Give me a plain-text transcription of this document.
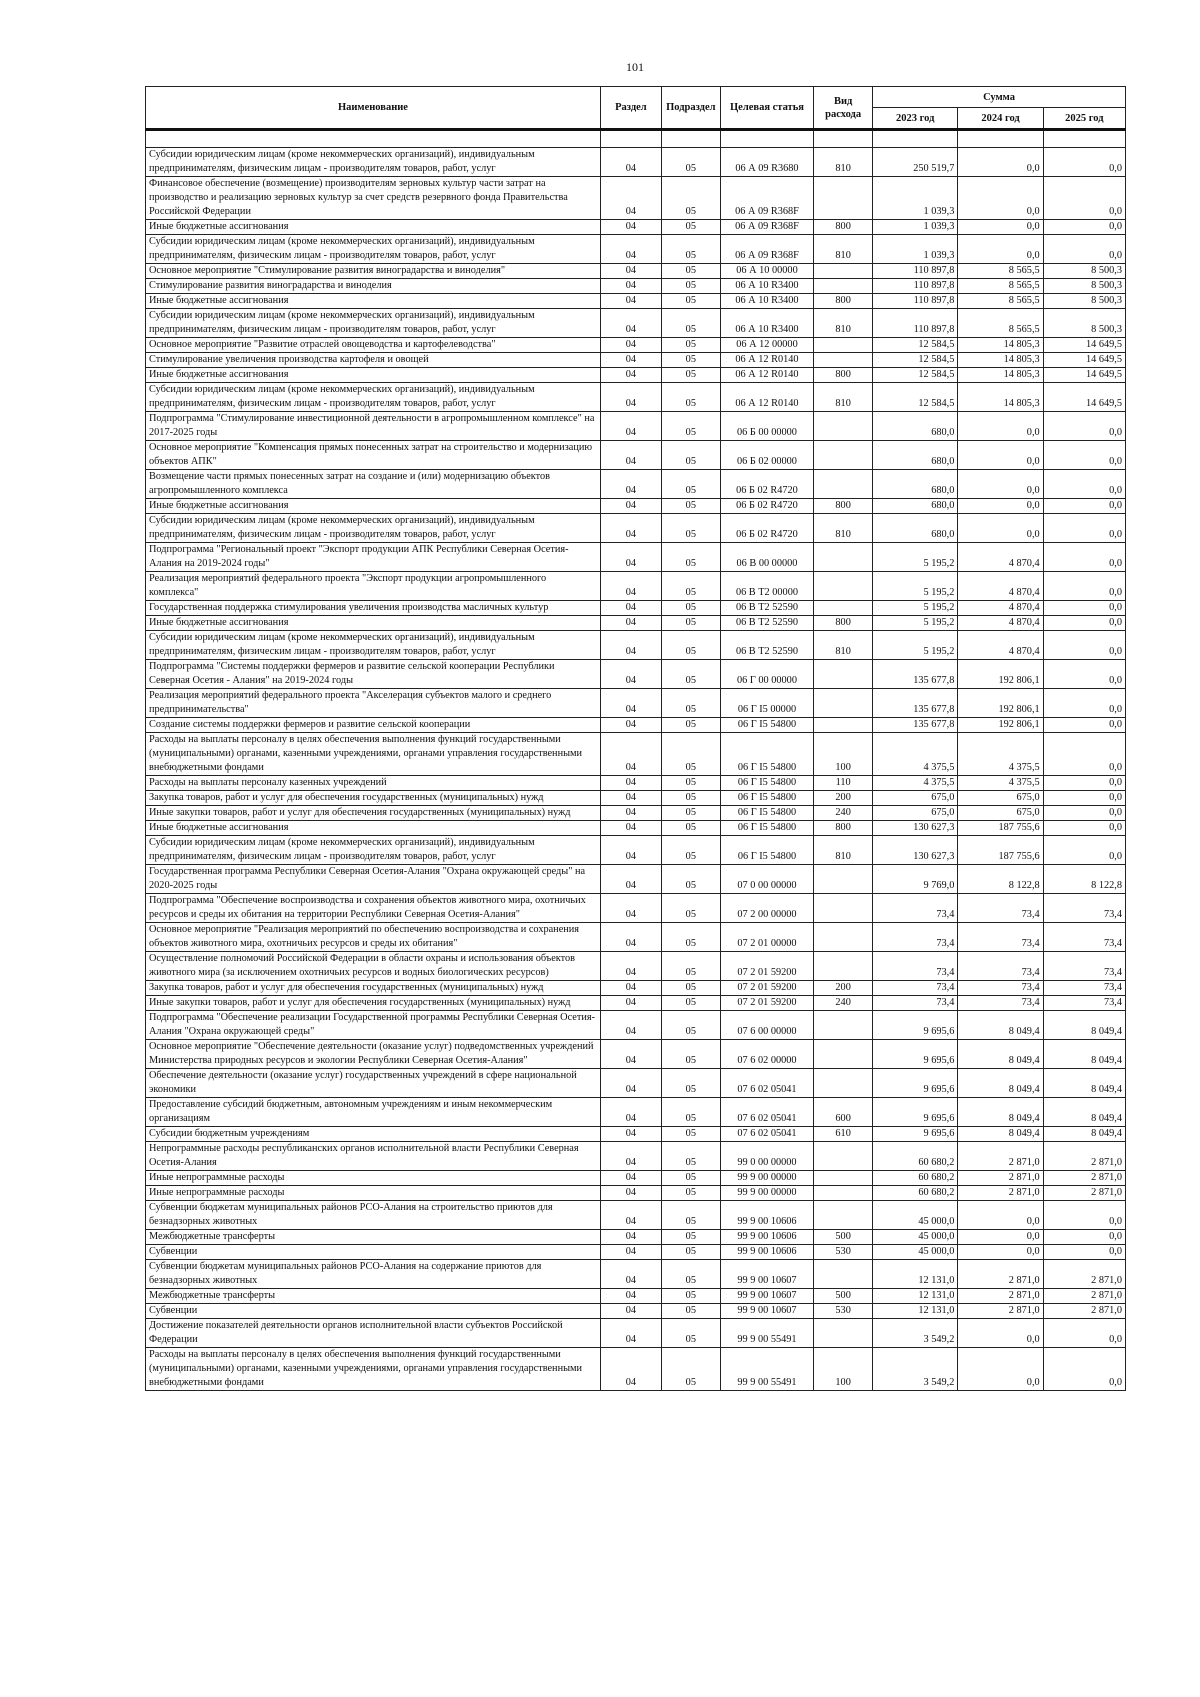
101
Наименование	Раздел	Подраздел	Целевая статья	Вид расхода	Сумма		
					2023 год	2024 год	2025 год

Субсидии юридическим лицам (кроме некоммерческих организаций), индивидуальным предпринимателям, физическим лицам - производителям товаров, работ, услуг	04	05	06 А 09 R3680	810	250 519,7	0,0	0,0
Финансовое обеспечение (возмещение) производителям зерновых культур части затрат на производство и реализацию зерновых культур за счет средств резервного фонда Правительства Российской Федерации	04	05	06 А 09 R368F		1 039,3	0,0	0,0
Иные бюджетные ассигнования	04	05	06 А 09 R368F	800	1 039,3	0,0	0,0
Субсидии юридическим лицам (кроме некоммерческих организаций), индивидуальным предпринимателям, физическим лицам - производителям товаров, работ, услуг	04	05	06 А 09 R368F	810	1 039,3	0,0	0,0
Основное мероприятие "Стимулирование развития виноградарства и виноделия"	04	05	06 А 10 00000		110 897,8	8 565,5	8 500,3
Стимулирование развития виноградарства и виноделия	04	05	06 А 10 R3400		110 897,8	8 565,5	8 500,3
Иные бюджетные ассигнования	04	05	06 А 10 R3400	800	110 897,8	8 565,5	8 500,3
Субсидии юридическим лицам (кроме некоммерческих организаций), индивидуальным предпринимателям, физическим лицам - производителям товаров, работ, услуг	04	05	06 А 10 R3400	810	110 897,8	8 565,5	8 500,3
Основное мероприятие "Развитие отраслей овощеводства и картофелеводства"	04	05	06 А 12 00000		12 584,5	14 805,3	14 649,5
Стимулирование увеличения производства картофеля и овощей	04	05	06 А 12 R0140		12 584,5	14 805,3	14 649,5
Иные бюджетные ассигнования	04	05	06 А 12 R0140	800	12 584,5	14 805,3	14 649,5
Субсидии юридическим лицам (кроме некоммерческих организаций), индивидуальным предпринимателям, физическим лицам - производителям товаров, работ, услуг	04	05	06 А 12 R0140	810	12 584,5	14 805,3	14 649,5
Подпрограмма "Стимулирование инвестиционной деятельности в агропромышленном комплексе" на 2017-2025 годы	04	05	06 Б 00 00000		680,0	0,0	0,0
Основное мероприятие "Компенсация прямых понесенных затрат на строительство и модернизацию объектов АПК"	04	05	06 Б 02 00000		680,0	0,0	0,0
Возмещение части прямых понесенных затрат на создание и (или) модернизацию объектов агропромышленного комплекса	04	05	06 Б 02 R4720		680,0	0,0	0,0
Иные бюджетные ассигнования	04	05	06 Б 02 R4720	800	680,0	0,0	0,0
Субсидии юридическим лицам (кроме некоммерческих организаций), индивидуальным предпринимателям, физическим лицам - производителям товаров, работ, услуг	04	05	06 Б 02 R4720	810	680,0	0,0	0,0
Подпрограмма "Региональный проект "Экспорт продукции АПК Республики Северная Осетия-Алания на 2019-2024 годы"	04	05	06 В 00 00000		5 195,2	4 870,4	0,0
Реализация мероприятий федерального проекта "Экспорт продукции агропромышленного комплекса"	04	05	06 В Т2 00000		5 195,2	4 870,4	0,0
Государственная поддержка стимулирования увеличения производства масличных культур	04	05	06 В Т2 52590		5 195,2	4 870,4	0,0
Иные бюджетные ассигнования	04	05	06 В Т2 52590	800	5 195,2	4 870,4	0,0
Субсидии юридическим лицам (кроме некоммерческих организаций), индивидуальным предпринимателям, физическим лицам - производителям товаров, работ, услуг	04	05	06 В Т2 52590	810	5 195,2	4 870,4	0,0
Подпрограмма "Системы поддержки фермеров и развитие сельской кооперации Республики Северная Осетия - Алания" на 2019-2024 годы	04	05	06 Г 00 00000		135 677,8	192 806,1	0,0
Реализация мероприятий федерального проекта "Акселерация субъектов малого и среднего предпринимательства"	04	05	06 Г I5 00000		135 677,8	192 806,1	0,0
Создание системы поддержки фермеров и развитие сельской кооперации	04	05	06 Г I5 54800		135 677,8	192 806,1	0,0
Расходы на выплаты персоналу в целях обеспечения выполнения функций государственными (муниципальными) органами, казенными учреждениями, органами управления государственными внебюджетными фондами	04	05	06 Г I5 54800	100	4 375,5	4 375,5	0,0
Расходы на выплаты персоналу казенных учреждений	04	05	06 Г I5 54800	110	4 375,5	4 375,5	0,0
Закупка товаров, работ и услуг для обеспечения государственных (муниципальных) нужд	04	05	06 Г I5 54800	200	675,0	675,0	0,0
Иные закупки товаров, работ и услуг для обеспечения государственных (муниципальных) нужд	04	05	06 Г I5 54800	240	675,0	675,0	0,0
Иные бюджетные ассигнования	04	05	06 Г I5 54800	800	130 627,3	187 755,6	0,0
Субсидии юридическим лицам (кроме некоммерческих организаций), индивидуальным предпринимателям, физическим лицам - производителям товаров, работ, услуг	04	05	06 Г I5 54800	810	130 627,3	187 755,6	0,0
Государственная программа Республики Северная Осетия-Алания "Охрана окружающей среды" на 2020-2025 годы	04	05	07 0 00 00000		9 769,0	8 122,8	8 122,8
Подпрограмма "Обеспечение воспроизводства и сохранения объектов животного мира, охотничьих ресурсов и среды их обитания на территории Республики Северная Осетия-Алания"	04	05	07 2 00 00000		73,4	73,4	73,4
Основное мероприятие "Реализация мероприятий по обеспечению воспроизводства и сохранения объектов животного мира, охотничьих ресурсов и среды их обитания"	04	05	07 2 01 00000		73,4	73,4	73,4
Осуществление полномочий Российской Федерации в области охраны и использования объектов животного мира (за исключением охотничьих ресурсов и водных биологических ресурсов)	04	05	07 2 01 59200		73,4	73,4	73,4
Закупка товаров, работ и услуг для обеспечения государственных (муниципальных) нужд	04	05	07 2 01 59200	200	73,4	73,4	73,4
Иные закупки товаров, работ и услуг для обеспечения государственных (муниципальных) нужд	04	05	07 2 01 59200	240	73,4	73,4	73,4
Подпрограмма "Обеспечение реализации Государственной программы Республики Северная Осетия-Алания "Охрана окружающей среды"	04	05	07 6 00 00000		9 695,6	8 049,4	8 049,4
Основное мероприятие "Обеспечение деятельности (оказание услуг) подведомственных учреждений Министерства природных ресурсов и экологии Республики Северная Осетия-Алания"	04	05	07 6 02 00000		9 695,6	8 049,4	8 049,4
Обеспечение деятельности (оказание услуг) государственных учреждений в сфере национальной экономики	04	05	07 6 02 05041		9 695,6	8 049,4	8 049,4
Предоставление субсидий бюджетным, автономным учреждениям и иным некоммерческим организациям	04	05	07 6 02 05041	600	9 695,6	8 049,4	8 049,4
Субсидии бюджетным учреждениям	04	05	07 6 02 05041	610	9 695,6	8 049,4	8 049,4
Непрограммные расходы республиканских органов исполнительной власти Республики Северная Осетия-Алания	04	05	99 0 00 00000		60 680,2	2 871,0	2 871,0
Иные непрограммные расходы	04	05	99 9 00 00000		60 680,2	2 871,0	2 871,0
Иные непрограммные расходы	04	05	99 9 00 00000		60 680,2	2 871,0	2 871,0
Субвенции бюджетам муниципальных районов РСО-Алания на строительство приютов для безнадзорных животных	04	05	99 9 00 10606		45 000,0	0,0	0,0
Межбюджетные трансферты	04	05	99 9 00 10606	500	45 000,0	0,0	0,0
Субвенции	04	05	99 9 00 10606	530	45 000,0	0,0	0,0
Субвенции бюджетам муниципальных районов РСО-Алания на содержание приютов для безнадзорных животных	04	05	99 9 00 10607		12 131,0	2 871,0	2 871,0
Межбюджетные трансферты	04	05	99 9 00 10607	500	12 131,0	2 871,0	2 871,0
Субвенции	04	05	99 9 00 10607	530	12 131,0	2 871,0	2 871,0
Достижение показателей деятельности органов исполнительной власти субъектов Российской Федерации	04	05	99 9 00 55491		3 549,2	0,0	0,0
Расходы на выплаты персоналу в целях обеспечения выполнения функций государственными (муниципальными) органами, казенными учреждениями, органами управления государственными внебюджетными фондами	04	05	99 9 00 55491	100	3 549,2	0,0	0,0
